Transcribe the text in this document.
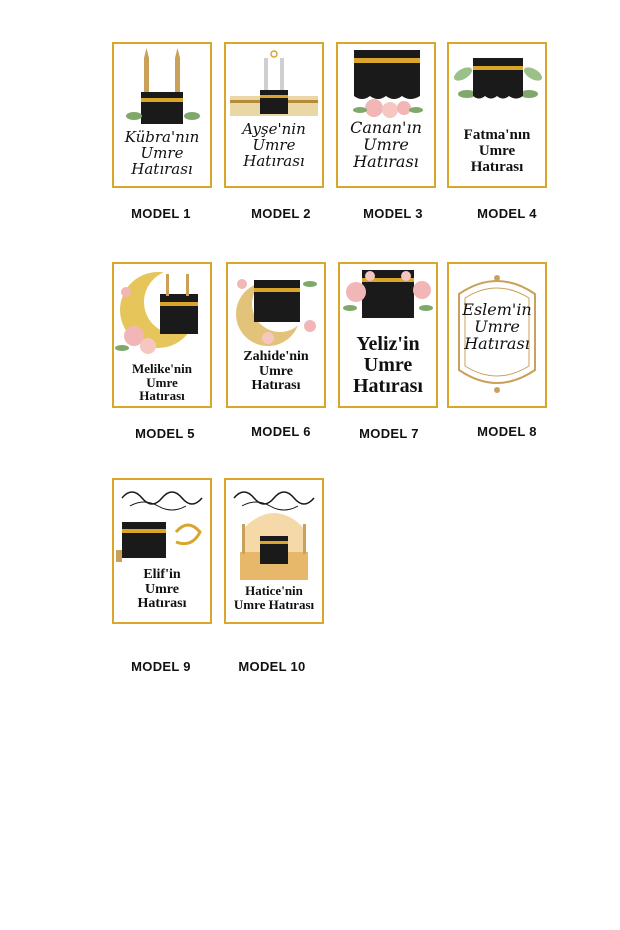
Kübra'nın
Umre
Hatırası
MODEL 1
Ayşe'nin
Umre
Hatırası
MODEL 2
Canan'ın
Umre
Hatırası
MODEL 3
Fatma'nın
Umre
Hatırası
MODEL 4
Melike'nin
Umre
Hatırası
MODEL 5
Zahide'nin
Umre
Hatırası
MODEL 6
Yeliz'in
Umre
Hatırası
MODEL 7
Eslem'in
Umre
Hatırası
MODEL 8
Elif'in
Umre
Hatırası
MODEL 9
Hatice'nin
Umre Hatırası
MODEL 10
